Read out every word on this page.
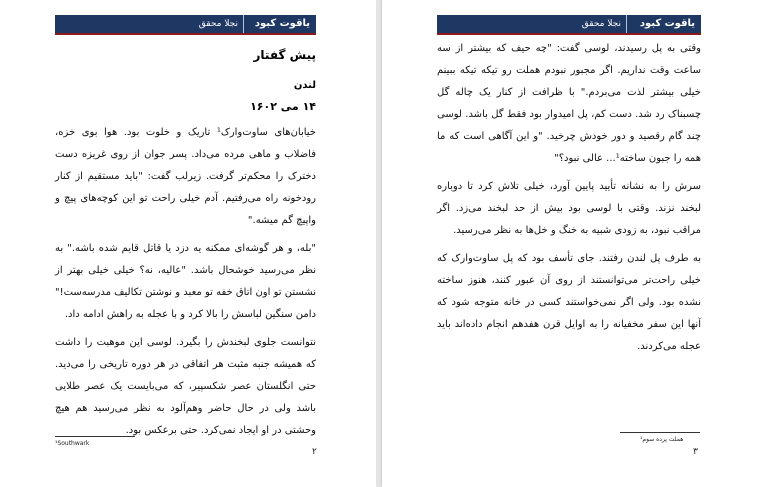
یاقوت کبود
نجلا محقق
پیش گفتار
لندن
۱۴ می ۱۶۰۲

خیابان‌های ساوت‌وارک¹ تاریک و خلوت بود. هوا بوی خزه، فاضلاب و ماهی مرده می‌داد. پسر جوان از روی غریزه دست دخترک را محکم‌تر گرفت. زیرلب گفت: "باید مستقیم از کنار رودخونه راه می‌رفتیم. آدم خیلی راحت تو این کوچه‌های پیچ و واپیچ گم میشه."

"بله، و هر گوشه‌ای ممکنه یه دزد یا قاتل قایم شده باشه." به نظر می‌رسید خوشحال باشد. "عالیه، نه؟ خیلی خیلی بهتر از نشستن تو اون اتاق خفه تو معبد و نوشتن تکالیف مدرسه‌ست!" دامن سنگین لباسش را بالا کرد و با عجله به راهش ادامه داد.

نتوانست جلوی لبخندش را بگیرد. لوسی این موهبت را داشت که همیشه جنبه مثبت هر اتفاقی در هر دوره تاریخی را می‌دید. حتی انگلستان عصر شکسپیر، که می‌بایست یک عصر طلایی باشد ولی در حال حاضر وهم‌آلود به نظر می‌رسید هم هیچ وحشتی در او ایجاد نمی‌کرد. حتی برعکس بود.

¹Southwark
۲
یاقوت کبود
نجلا محقق

وقتی به پل رسیدند، لوسی گفت: "چه حیف که بیشتر از سه ساعت وقت نداریم. اگر مجبور نبودم هملت رو تیکه تیکه ببینم خیلی بیشتر لذت می‌بردم." با ظرافت از کنار یک چاله گل چسبناک رد شد. دست کم، پل امیدوار بود فقط گل باشد. لوسی چند گام رقصید و دور خودش چرخید. "و این آگاهی است که ما همه را جبون ساخته¹... عالی نبود؟"

سرش را به نشانه تأیید پایین آورد، خیلی تلاش کرد تا دوباره لبخند نزند. وقتی با لوسی بود بیش از حد لبخند می‌زد. اگر مراقب نبود، به زودی شبیه به خنگ و خل‌ها به نظر می‌رسید.

به طرف پل لندن رفتند. جای تأسف بود که پل ساوت‌وارک که خیلی راحت‌تر می‌توانستند از روی آن عبور کنند، هنوز ساخته نشده بود. ولی اگر نمی‌خواستند کسی در خانه متوجه شود که آنها این سفر مخفیانه را به اوایل قرن هفدهم انجام داده‌اند باید عجله می‌کردند.

¹هملت پرده سوم
۳
